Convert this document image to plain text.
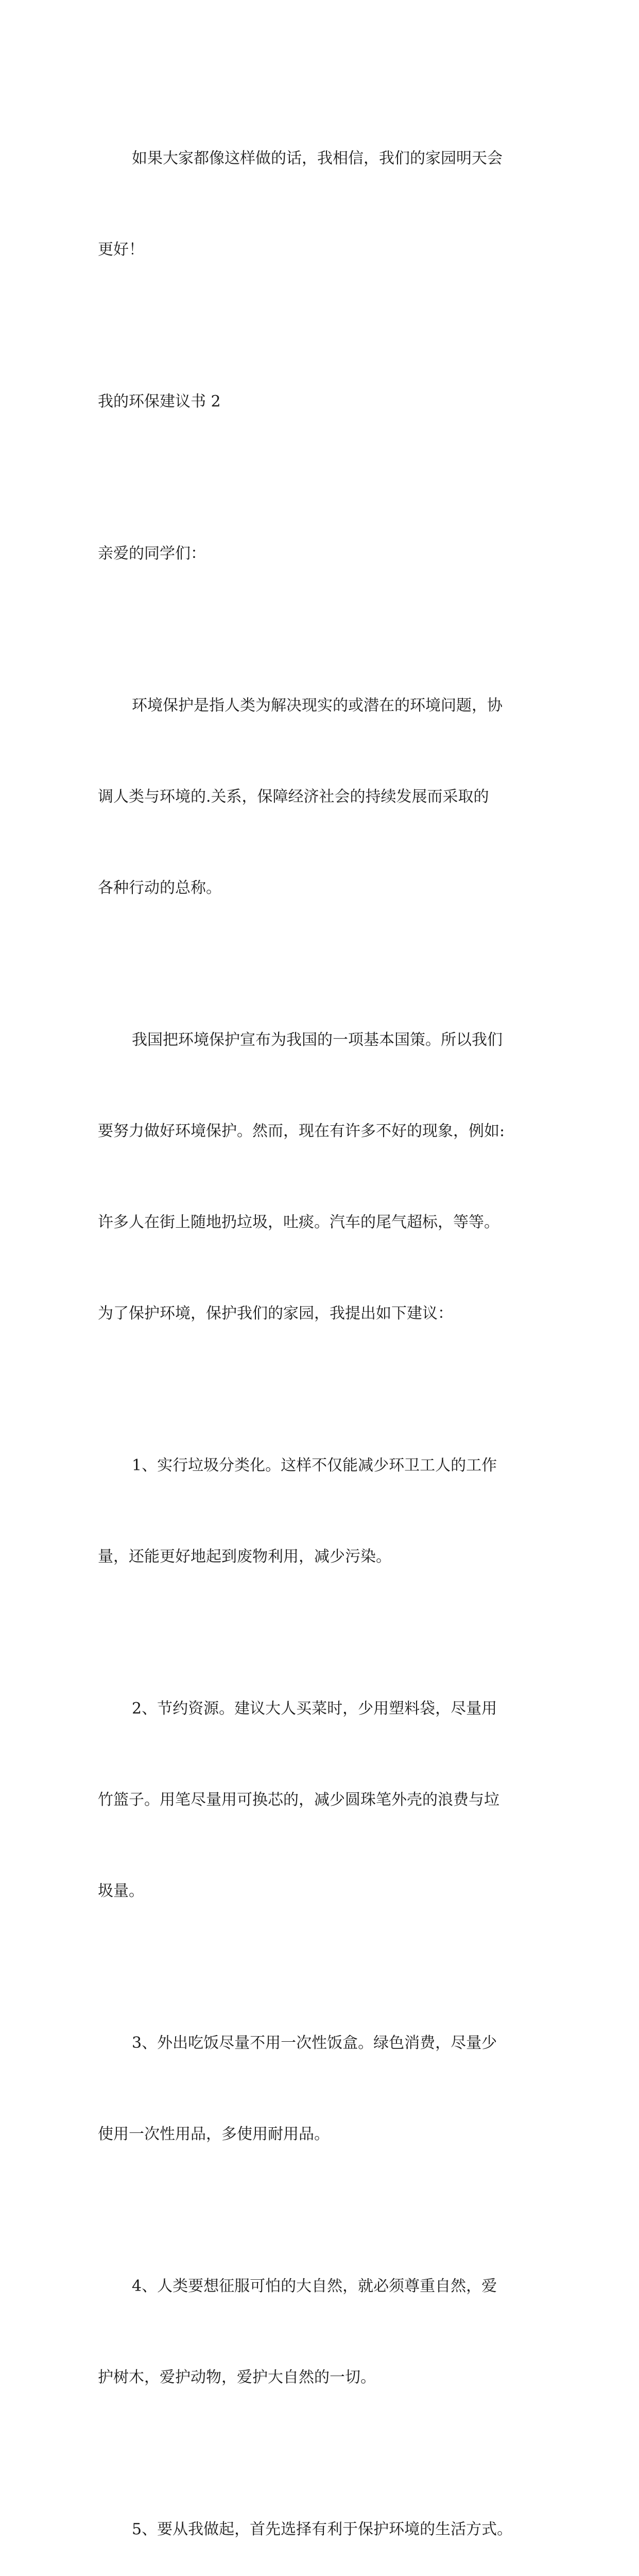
如果大家都像这样做的话，我相信，我们的家园明天会

更好！

我的环保建议书 2

亲爱的同学们：

环境保护是指人类为解决现实的或潜在的环境问题，协

调人类与环境的.关系，保障经济社会的持续发展而采取的

各种行动的总称。

我国把环境保护宣布为我国的一项基本国策。所以我们

要努力做好环境保护。然而，现在有许多不好的现象，例如:

许多人在街上随地扔垃圾，吐痰。汽车的尾气超标，等等。

为了保护环境，保护我们的家园，我提出如下建议：

1、实行垃圾分类化。这样不仅能减少环卫工人的工作

量，还能更好地起到废物利用，减少污染。

2、节约资源。建议大人买菜时，少用塑料袋，尽量用

竹篮子。用笔尽量用可换芯的，减少圆珠笔外壳的浪费与垃

圾量。

3、外出吃饭尽量不用一次性饭盒。绿色消费，尽量少

使用一次性用品，多使用耐用品。

4、人类要想征服可怕的大自然，就必须尊重自然，爱

护树木，爱护动物，爱护大自然的一切。

5、要从我做起，首先选择有利于保护环境的生活方式。
